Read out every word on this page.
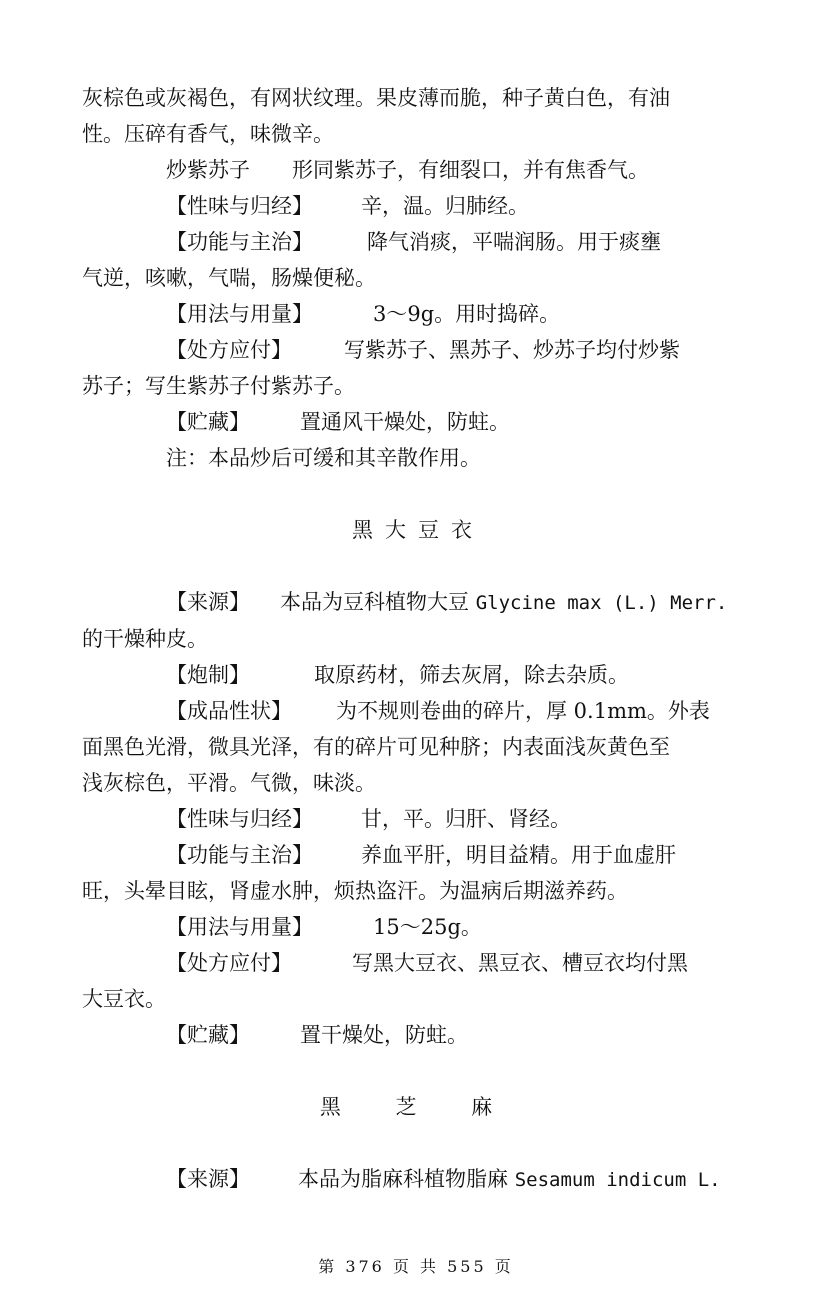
灰棕色或灰褐色，有网状纹理。果皮薄而脆，种子黄白色，有油

性。压碎有香气，味微辛。

炒紫苏子 形同紫苏子，有细裂口，并有焦香气。

【性味与归经】 辛，温。归肺经。

【功能与主治】	降气消痰，平喘润肠。用于痰壅

气逆，咳嗽，气喘，肠燥便秘。

【用法与用量】	3～9g。用时捣碎。

【处方应付】 写紫苏子、黑苏子、炒苏子均付炒紫

苏子；写生紫苏子付紫苏子。

【贮藏】 置通风干燥处，防蛀。

注：本品炒后可缓和其辛散作用。

黑大豆衣

【来源】 本品为豆科植物大豆 Glycine max (L.) Merr.

的干燥种皮。

【炮制】	取原药材，筛去灰屑，除去杂质。

【成品性状】 为不规则卷曲的碎片，厚 0.1mm。外表

面黑色光滑，微具光泽，有的碎片可见种脐；内表面浅灰黄色至

浅灰棕色，平滑。气微，味淡。

【性味与归经】 甘，平。归肝、肾经。

【功能与主治】 养血平肝，明目益精。用于血虚肝

旺，头晕目眩，肾虚水肿，烦热盗汗。为温病后期滋养药。

【用法与用量】	15～25g。

【处方应付】	写黑大豆衣、黑豆衣、槽豆衣均付黑

大豆衣。

【贮藏】 置干燥处，防蛀。

黑 芝 麻

【来源】 本品为脂麻科植物脂麻 Sesamum indicum L.

第 376 页 共 555 页
